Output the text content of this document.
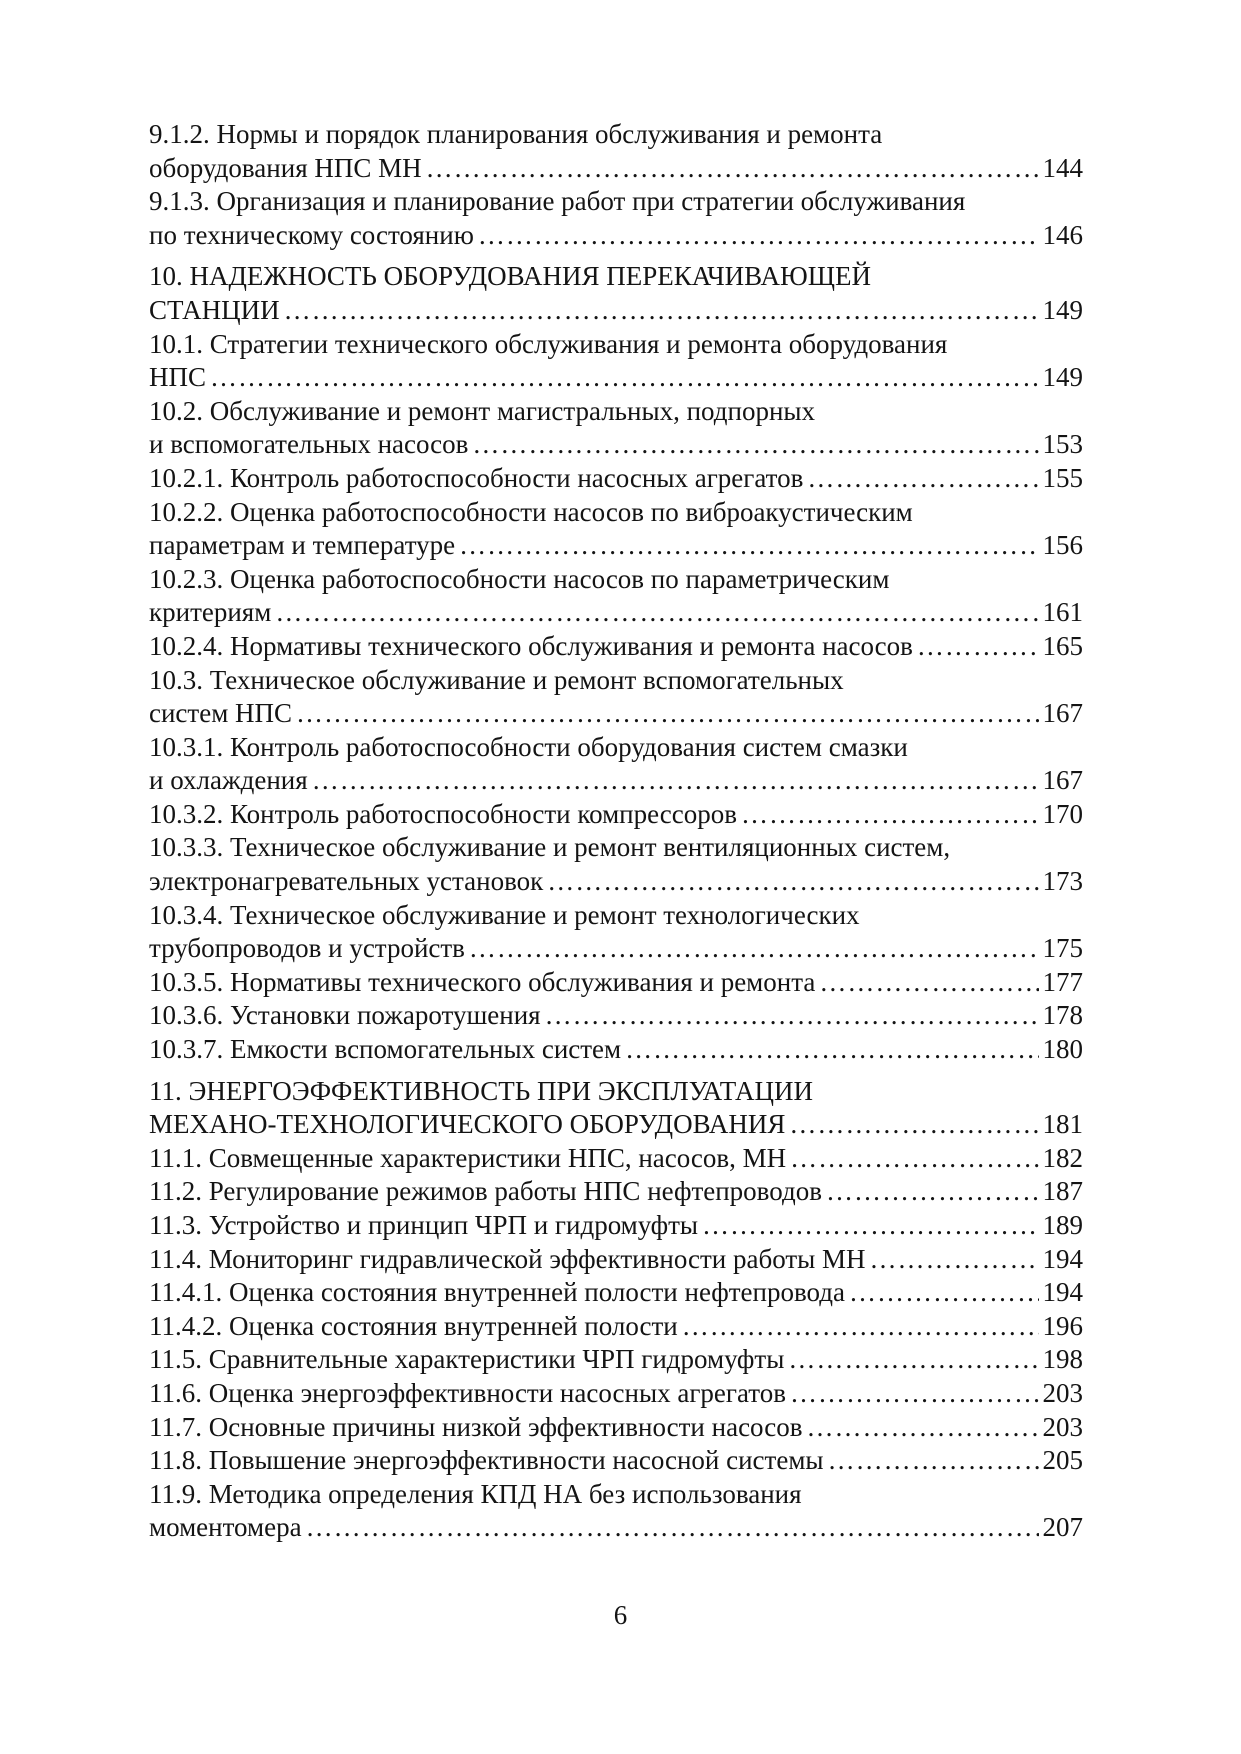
9.1.2. Нормы и порядок планирования обслуживания и ремонта
оборудования НПС МН ……………………………………………………………………………………………………………………………………………………………………	144
9.1.3. Организация и планирование работ при стратегии обслуживания
по техническому состоянию ……………………………………………………………………………………………………………………………………………………………………	146
10. НАДЕЖНОСТЬ ОБОРУДОВАНИЯ ПЕРЕКАЧИВАЮЩЕЙ
СТАНЦИИ ……………………………………………………………………………………………………………………………………………………………………	149
10.1. Стратегии технического обслуживания и ремонта оборудования
НПС ……………………………………………………………………………………………………………………………………………………………………	149
10.2. Обслуживание и ремонт магистральных, подпорных
и вспомогательных насосов ……………………………………………………………………………………………………………………………………………………………………	153
10.2.1. Контроль работоспособности насосных агрегатов ……………………………………………………………………………………………………………………………………………………………………	155
10.2.2. Оценка работоспособности насосов по виброакустическим
параметрам и температуре ……………………………………………………………………………………………………………………………………………………………………	156
10.2.3. Оценка работоспособности насосов по параметрическим
критериям ……………………………………………………………………………………………………………………………………………………………………	161
10.2.4. Нормативы технического обслуживания и ремонта насосов ……………………………………………………………………………………………………………………………………………………………………	165
10.3. Техническое обслуживание и ремонт вспомогательных
систем НПС ……………………………………………………………………………………………………………………………………………………………………	167
10.3.1. Контроль работоспособности оборудования систем смазки
и охлаждения ……………………………………………………………………………………………………………………………………………………………………	167
10.3.2. Контроль работоспособности компрессоров ……………………………………………………………………………………………………………………………………………………………………	170
10.3.3. Техническое обслуживание и ремонт вентиляционных систем,
электронагревательных установок ……………………………………………………………………………………………………………………………………………………………………	173
10.3.4. Техническое обслуживание и ремонт технологических
трубопроводов и устройств ……………………………………………………………………………………………………………………………………………………………………	175
10.3.5. Нормативы технического обслуживания и ремонта ……………………………………………………………………………………………………………………………………………………………………	177
10.3.6. Установки пожаротушения ……………………………………………………………………………………………………………………………………………………………………	178
10.3.7. Емкости вспомогательных систем ……………………………………………………………………………………………………………………………………………………………………	180
11. ЭНЕРГОЭФФЕКТИВНОСТЬ ПРИ ЭКСПЛУАТАЦИИ
МЕХАНО-ТЕХНОЛОГИЧЕСКОГО ОБОРУДОВАНИЯ ……………………………………………………………………………………………………………………………………………………………………	181
11.1. Совмещенные характеристики НПС, насосов, МН ……………………………………………………………………………………………………………………………………………………………………	182
11.2. Регулирование режимов работы НПС нефтепроводов ……………………………………………………………………………………………………………………………………………………………………	187
11.3. Устройство и принцип ЧРП и гидромуфты ……………………………………………………………………………………………………………………………………………………………………	189
11.4. Мониторинг гидравлической эффективности работы МН ……………………………………………………………………………………………………………………………………………………………………	194
11.4.1. Оценка состояния внутренней полости нефтепровода ……………………………………………………………………………………………………………………………………………………………………	194
11.4.2. Оценка состояния внутренней полости ……………………………………………………………………………………………………………………………………………………………………	196
11.5. Сравнительные характеристики ЧРП гидромуфты ……………………………………………………………………………………………………………………………………………………………………	198
11.6. Оценка энергоэффективности насосных агрегатов ……………………………………………………………………………………………………………………………………………………………………	203
11.7. Основные причины низкой эффективности насосов ……………………………………………………………………………………………………………………………………………………………………	203
11.8. Повышение энергоэффективности насосной системы ……………………………………………………………………………………………………………………………………………………………………	205
11.9. Методика определения КПД НА без использования
моментомера ……………………………………………………………………………………………………………………………………………………………………	207
6
